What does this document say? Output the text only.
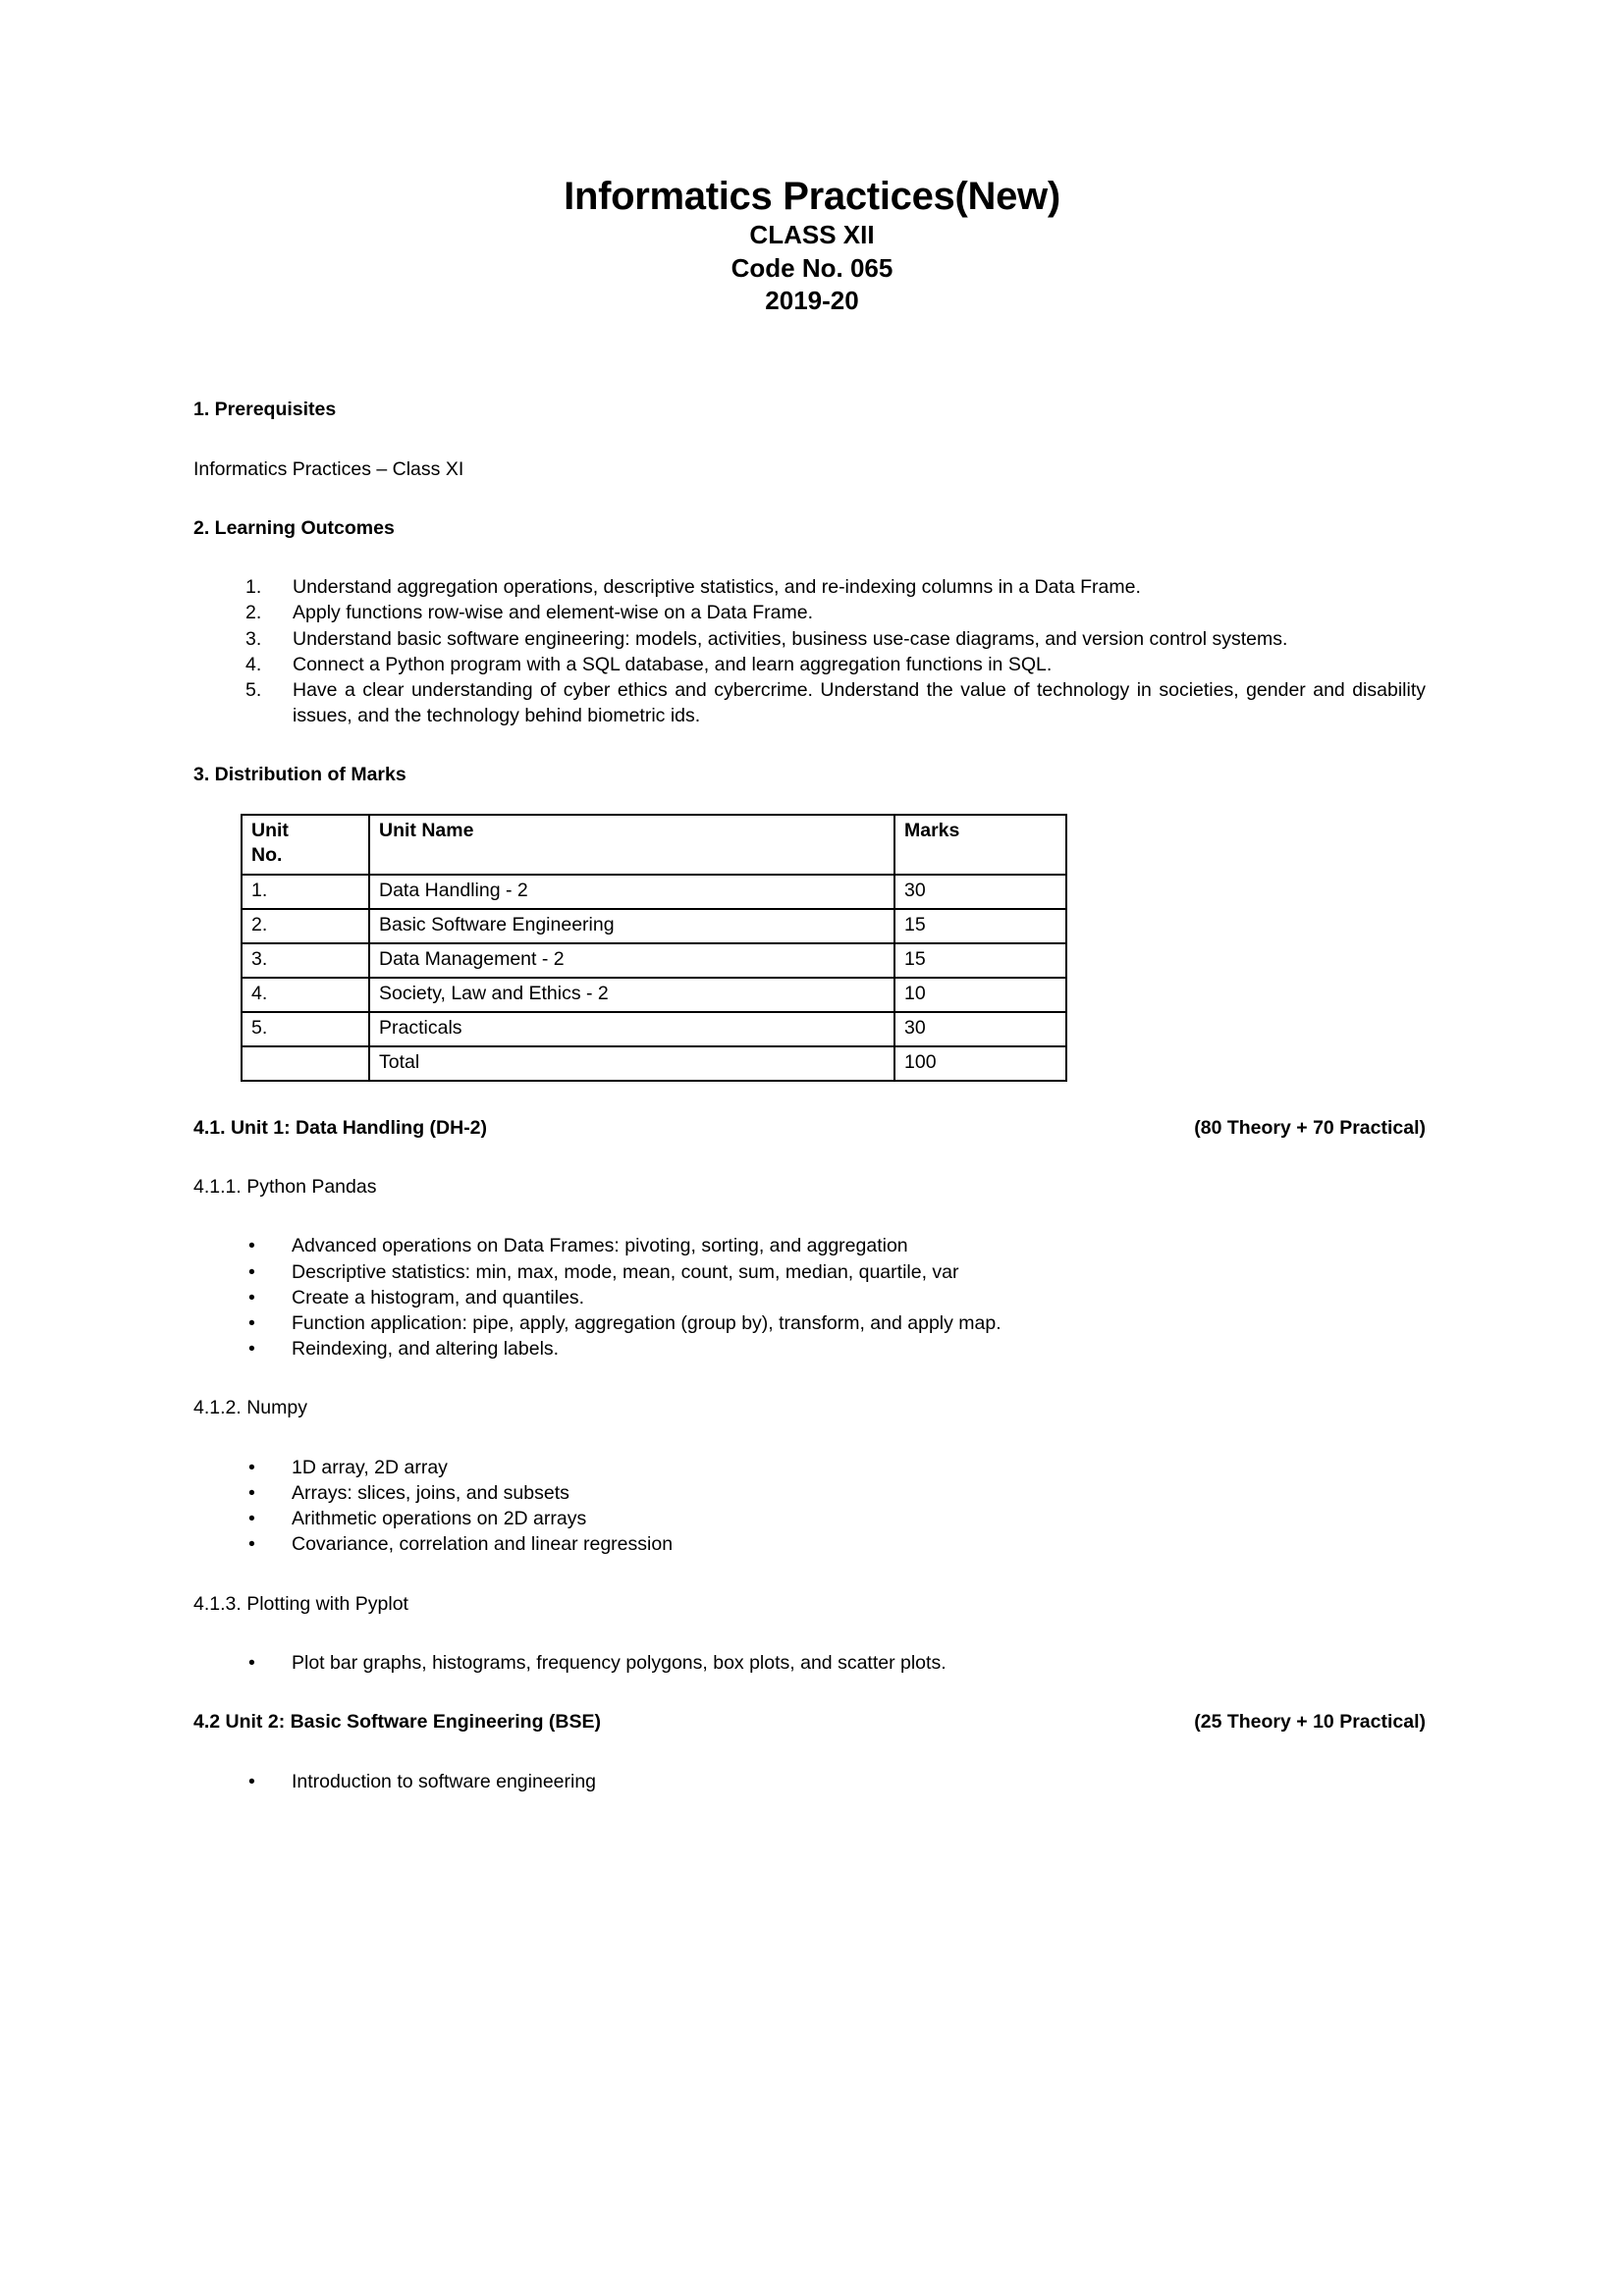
Informatics Practices(New)
CLASS XII
Code No. 065
2019-20
1. Prerequisites
Informatics Practices – Class XI
2. Learning Outcomes
1. Understand aggregation operations, descriptive statistics, and re-indexing columns in a Data Frame.
2. Apply functions row-wise and element-wise on a Data Frame.
3. Understand basic software engineering: models, activities, business use-case diagrams, and version control systems.
4. Connect a Python program with a SQL database, and learn aggregation functions in SQL.
5. Have a clear understanding of cyber ethics and cybercrime. Understand the value of technology in societies, gender and disability issues, and the technology behind biometric ids.
3. Distribution of Marks
Unit
No.	Unit Name	Marks
1.	Data Handling - 2	30
2.	Basic Software Engineering	15
3.	Data Management - 2	15
4.	Society, Law and Ethics - 2	10
5.	Practicals	30
	Total	100
4.1. Unit 1: Data Handling (DH-2)	(80 Theory + 70 Practical)
4.1.1. Python Pandas
• Advanced operations on Data Frames: pivoting, sorting, and aggregation
• Descriptive statistics: min, max, mode, mean, count, sum, median, quartile, var
• Create a histogram, and quantiles.
• Function application: pipe, apply, aggregation (group by), transform, and apply map.
• Reindexing, and altering labels.
4.1.2. Numpy
• 1D array, 2D array
• Arrays: slices, joins, and subsets
• Arithmetic operations on 2D arrays
• Covariance, correlation and linear regression
4.1.3. Plotting with Pyplot
• Plot bar graphs, histograms, frequency polygons, box plots, and scatter plots.
4.2 Unit 2: Basic Software Engineering (BSE)	(25 Theory + 10 Practical)
• Introduction to software engineering
